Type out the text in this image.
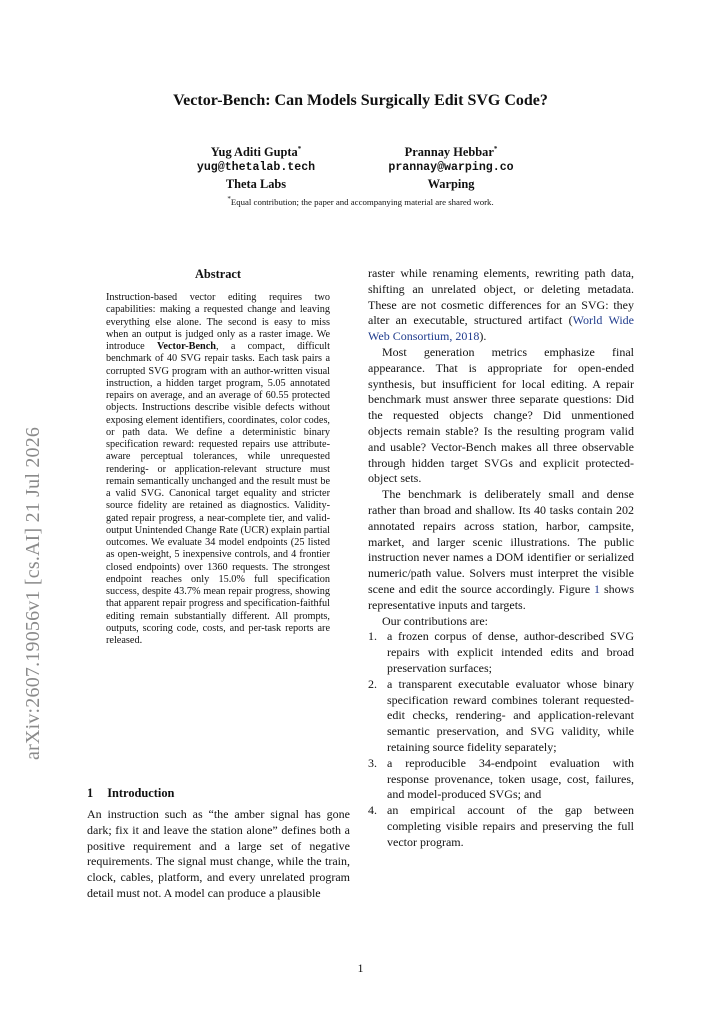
Vector-Bench: Can Models Surgically Edit SVG Code?
Yug Aditi Gupta*
yug@thetalab.tech
Theta Labs
Prannay Hebbar*
prannay@warping.co
Warping
*Equal contribution; the paper and accompanying material are shared work.
arXiv:2607.19056v1 [cs.AI] 21 Jul 2026
Abstract
Instruction-based vector editing requires two capabilities: making a requested change and leaving everything else alone. The second is easy to miss when an output is judged only as a raster image. We introduce Vector-Bench, a compact, difficult benchmark of 40 SVG repair tasks. Each task pairs a corrupted SVG program with an author-written visual instruction, a hidden target program, 5.05 annotated repairs on average, and an average of 60.55 protected objects. Instructions describe visible defects without exposing element identifiers, coordinates, color codes, or path data. We define a deterministic binary specification reward: requested repairs use attribute-aware perceptual tolerances, while unrequested rendering- or application-relevant structure must remain semantically unchanged and the result must be a valid SVG. Canonical target equality and stricter source fidelity are retained as diagnostics. Validity-gated repair progress, a near-complete tier, and valid-output Unintended Change Rate (UCR) explain partial outcomes. We evaluate 34 model endpoints (25 listed as open-weight, 5 inexpensive controls, and 4 frontier closed endpoints) over 1360 requests. The strongest endpoint reaches only 15.0% full specification success, despite 43.7% mean repair progress, showing that apparent repair progress and specification-faithful editing remain substantially different. All prompts, outputs, scoring code, costs, and per-task reports are released.
1 Introduction
An instruction such as “the amber signal has gone dark; fix it and leave the station alone” defines both a positive requirement and a large set of negative requirements. The signal must change, while the train, clock, cables, platform, and every unrelated program detail must not. A model can produce a plausible

raster while renaming elements, rewriting path data, shifting an unrelated object, or deleting metadata. These are not cosmetic differences for an SVG: they alter an executable, structured artifact (World Wide Web Consortium, 2018).

Most generation metrics emphasize final appearance. That is appropriate for open-ended synthesis, but insufficient for local editing. A repair benchmark must answer three separate questions: Did the requested objects change? Did unmentioned objects remain stable? Is the resulting program valid and usable? Vector-Bench makes all three observable through hidden target SVGs and explicit protected-object sets.

The benchmark is deliberately small and dense rather than broad and shallow. Its 40 tasks contain 202 annotated repairs across station, harbor, campsite, market, and larger scenic illustrations. The public instruction never names a DOM identifier or serialized numeric/path value. Solvers must interpret the visible scene and edit the source accordingly. Figure 1 shows representative inputs and targets.

Our contributions are:

1. a frozen corpus of dense, author-described SVG repairs with explicit intended edits and broad preservation surfaces;
2. a transparent executable evaluator whose binary specification reward combines tolerant requested-edit checks, rendering- and application-relevant semantic preservation, and SVG validity, while retaining source fidelity separately;
3. a reproducible 34-endpoint evaluation with response provenance, token usage, cost, failures, and model-produced SVGs; and
4. an empirical account of the gap between completing visible repairs and preserving the full vector program.
1
